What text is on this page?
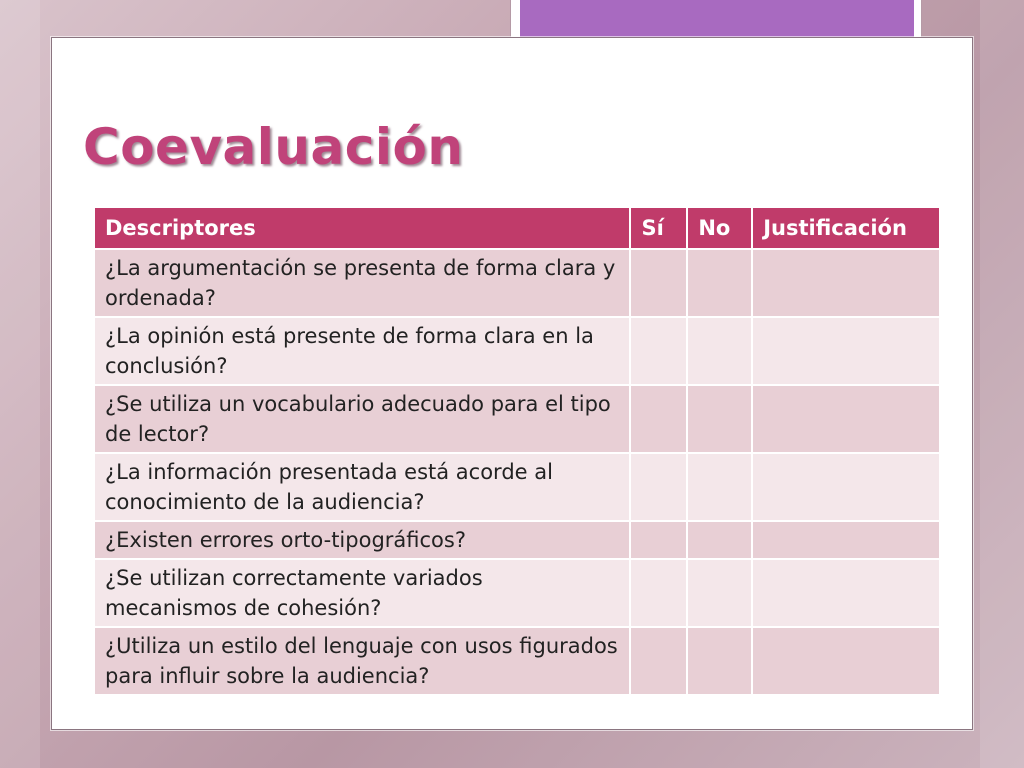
Coevaluación
Descriptores	Sí	No	Justificación
¿La argumentación se presenta de forma clara y ordenada?			
¿La opinión está presente de forma clara en la conclusión?			
¿Se utiliza un vocabulario adecuado para el tipo de lector?			
¿La información presentada está acorde al conocimiento de la audiencia?			
¿Existen errores orto-tipográficos?			
¿Se utilizan correctamente variados mecanismos de cohesión?			
¿Utiliza un estilo del lenguaje con usos figurados para influir sobre la audiencia?			
